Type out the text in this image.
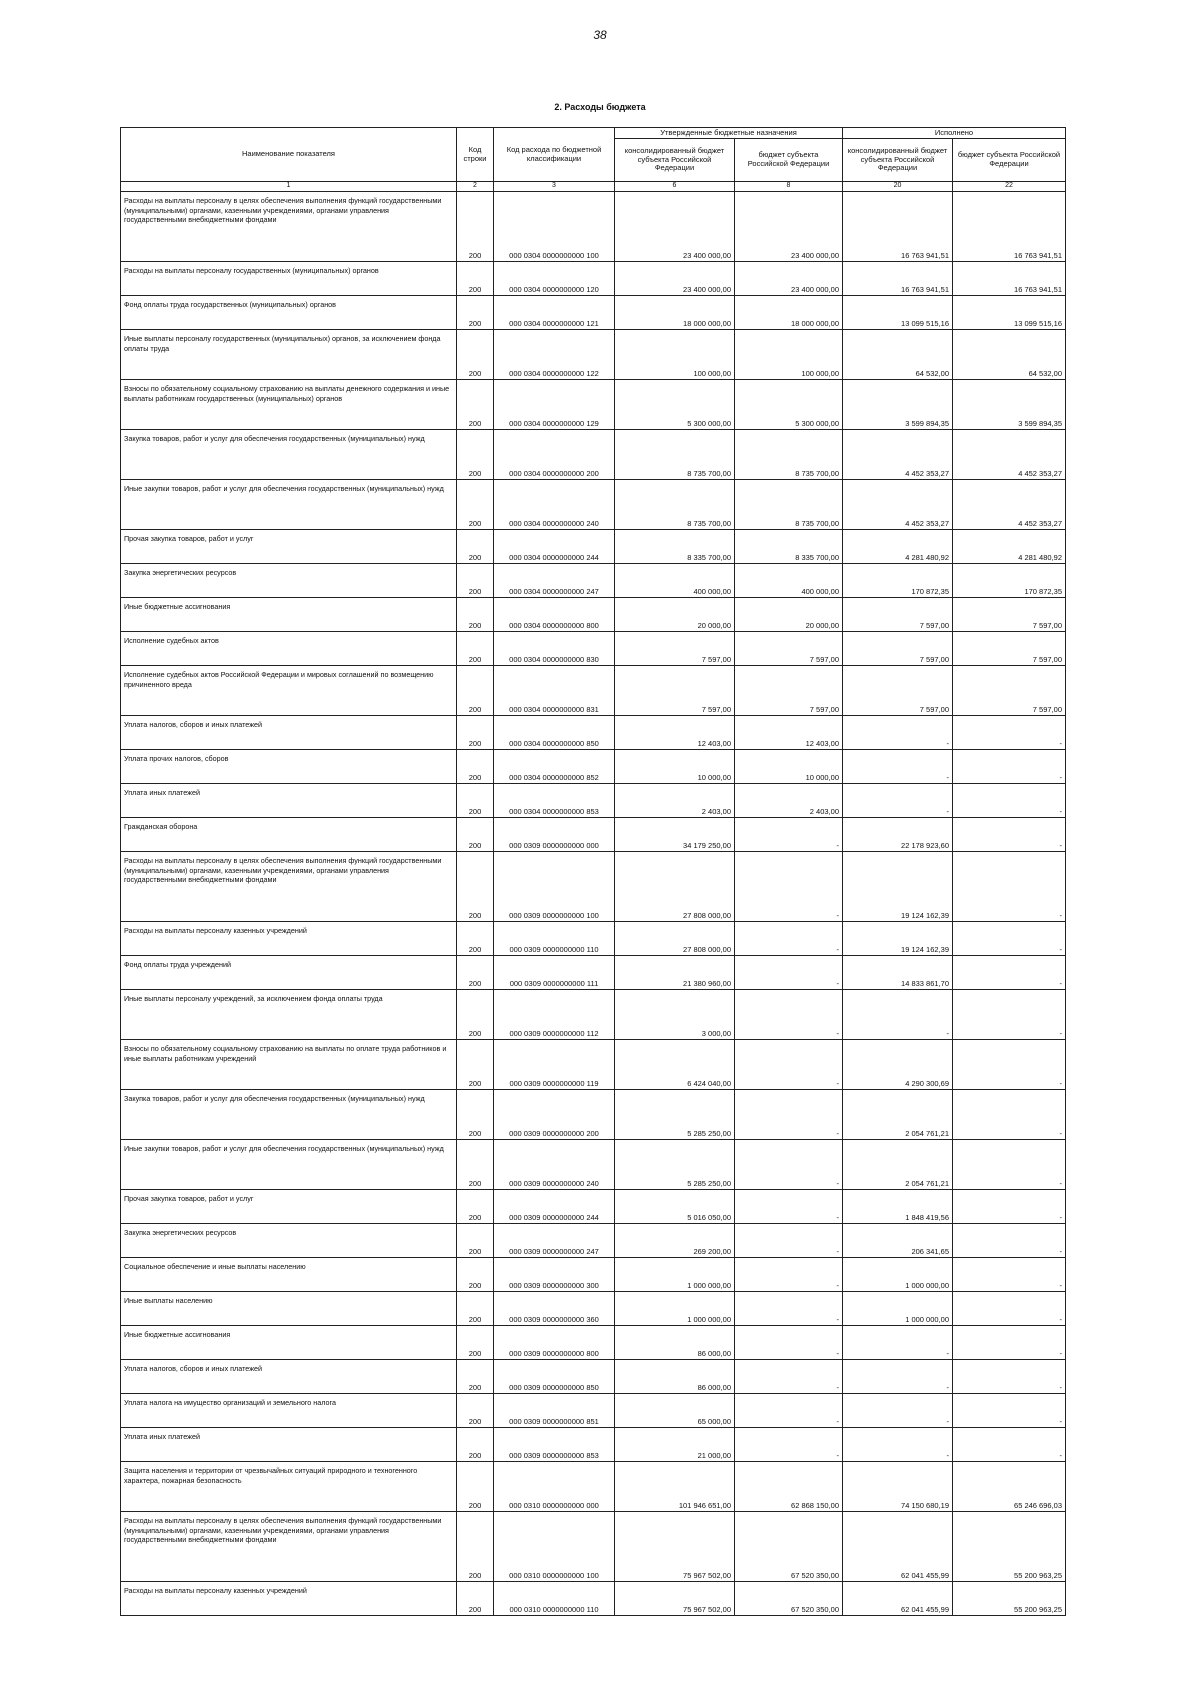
38
2. Расходы бюджета
Наименование показателя	Код строки	Код расхода по бюджетной классификации	Утвержденные бюджетные назначения		Исполнено	
			консолидированный бюджет субъекта Российской Федерации	бюджет субъекта Российской Федерации	консолидированный бюджет субъекта Российской Федерации	бюджет субъекта Российской Федерации
1	2	3	6	8	20	22
Расходы на выплаты персоналу в целях обеспечения выполнения функций государственными (муниципальными) органами, казенными учреждениями, органами управления государственными внебюджетными фондами	200	000 0304 0000000000 100	23 400 000,00	23 400 000,00	16 763 941,51	16 763 941,51
Расходы на выплаты персоналу государственных (муниципальных) органов	200	000 0304 0000000000 120	23 400 000,00	23 400 000,00	16 763 941,51	16 763 941,51
Фонд оплаты труда государственных (муниципальных) органов	200	000 0304 0000000000 121	18 000 000,00	18 000 000,00	13 099 515,16	13 099 515,16
Иные выплаты персоналу государственных (муниципальных) органов, за исключением фонда оплаты труда	200	000 0304 0000000000 122	100 000,00	100 000,00	64 532,00	64 532,00
Взносы по обязательному социальному страхованию на выплаты денежного содержания и иные выплаты работникам государственных (муниципальных) органов	200	000 0304 0000000000 129	5 300 000,00	5 300 000,00	3 599 894,35	3 599 894,35
Закупка товаров, работ и услуг для обеспечения государственных (муниципальных) нужд	200	000 0304 0000000000 200	8 735 700,00	8 735 700,00	4 452 353,27	4 452 353,27
Иные закупки товаров, работ и услуг для обеспечения государственных (муниципальных) нужд	200	000 0304 0000000000 240	8 735 700,00	8 735 700,00	4 452 353,27	4 452 353,27
Прочая закупка товаров, работ и услуг	200	000 0304 0000000000 244	8 335 700,00	8 335 700,00	4 281 480,92	4 281 480,92
Закупка энергетических ресурсов	200	000 0304 0000000000 247	400 000,00	400 000,00	170 872,35	170 872,35
Иные бюджетные ассигнования	200	000 0304 0000000000 800	20 000,00	20 000,00	7 597,00	7 597,00
Исполнение судебных актов	200	000 0304 0000000000 830	7 597,00	7 597,00	7 597,00	7 597,00
Исполнение судебных актов Российской Федерации и мировых соглашений по возмещению причиненного вреда	200	000 0304 0000000000 831	7 597,00	7 597,00	7 597,00	7 597,00
Уплата налогов, сборов и иных платежей	200	000 0304 0000000000 850	12 403,00	12 403,00	-	-
Уплата прочих налогов, сборов	200	000 0304 0000000000 852	10 000,00	10 000,00	-	-
Уплата иных платежей	200	000 0304 0000000000 853	2 403,00	2 403,00	-	-
Гражданская оборона	200	000 0309 0000000000 000	34 179 250,00	-	22 178 923,60	-
Расходы на выплаты персоналу в целях обеспечения выполнения функций государственными (муниципальными) органами, казенными учреждениями, органами управления государственными внебюджетными фондами	200	000 0309 0000000000 100	27 808 000,00	-	19 124 162,39	-
Расходы на выплаты персоналу казенных учреждений	200	000 0309 0000000000 110	27 808 000,00	-	19 124 162,39	-
Фонд оплаты труда учреждений	200	000 0309 0000000000 111	21 380 960,00	-	14 833 861,70	-
Иные выплаты персоналу учреждений, за исключением фонда оплаты труда	200	000 0309 0000000000 112	3 000,00	-	-	-
Взносы по обязательному социальному страхованию на выплаты по оплате труда работников и иные выплаты работникам учреждений	200	000 0309 0000000000 119	6 424 040,00	-	4 290 300,69	-
Закупка товаров, работ и услуг для обеспечения государственных (муниципальных) нужд	200	000 0309 0000000000 200	5 285 250,00	-	2 054 761,21	-
Иные закупки товаров, работ и услуг для обеспечения государственных (муниципальных) нужд	200	000 0309 0000000000 240	5 285 250,00	-	2 054 761,21	-
Прочая закупка товаров, работ и услуг	200	000 0309 0000000000 244	5 016 050,00	-	1 848 419,56	-
Закупка энергетических ресурсов	200	000 0309 0000000000 247	269 200,00	-	206 341,65	-
Социальное обеспечение и иные выплаты населению	200	000 0309 0000000000 300	1 000 000,00	-	1 000 000,00	-
Иные выплаты населению	200	000 0309 0000000000 360	1 000 000,00	-	1 000 000,00	-
Иные бюджетные ассигнования	200	000 0309 0000000000 800	86 000,00	-	-	-
Уплата налогов, сборов и иных платежей	200	000 0309 0000000000 850	86 000,00	-	-	-
Уплата налога на имущество организаций и земельного налога	200	000 0309 0000000000 851	65 000,00	-	-	-
Уплата иных платежей	200	000 0309 0000000000 853	21 000,00	-	-	-
Защита населения и территории от чрезвычайных ситуаций природного и техногенного характера, пожарная безопасность	200	000 0310 0000000000 000	101 946 651,00	62 868 150,00	74 150 680,19	65 246 696,03
Расходы на выплаты персоналу в целях обеспечения выполнения функций государственными (муниципальными) органами, казенными учреждениями, органами управления государственными внебюджетными фондами	200	000 0310 0000000000 100	75 967 502,00	67 520 350,00	62 041 455,99	55 200 963,25
Расходы на выплаты персоналу казенных учреждений	200	000 0310 0000000000 110	75 967 502,00	67 520 350,00	62 041 455,99	55 200 963,25
